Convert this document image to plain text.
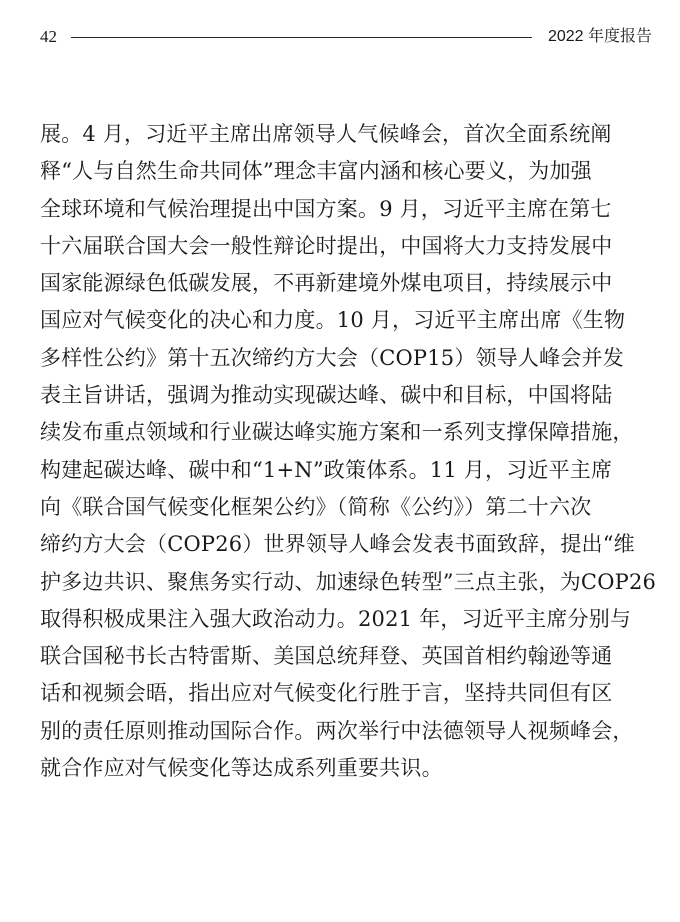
42	2022 年度报告
展。4 月，习近平主席出席领导人气候峰会，首次全面系统阐
释“人与自然生命共同体”理念丰富内涵和核心要义，为加强
全球环境和气候治理提出中国方案。9 月，习近平主席在第七
十六届联合国大会一般性辩论时提出，中国将大力支持发展中
国家能源绿色低碳发展，不再新建境外煤电项目，持续展示中
国应对气候变化的决心和力度。10 月，习近平主席出席《生物
多样性公约》第十五次缔约方大会（COP15）领导人峰会并发
表主旨讲话，强调为推动实现碳达峰、碳中和目标，中国将陆
续发布重点领域和行业碳达峰实施方案和一系列支撑保障措施，
构建起碳达峰、碳中和“1+N”政策体系。11 月，习近平主席
向《联合国气候变化框架公约》（简称《公约》）第二十六次
缔约方大会（COP26）世界领导人峰会发表书面致辞，提出“维
护多边共识、聚焦务实行动、加速绿色转型”三点主张，为COP26
取得积极成果注入强大政治动力。2021 年，习近平主席分别与
联合国秘书长古特雷斯、美国总统拜登、英国首相约翰逊等通
话和视频会晤，指出应对气候变化行胜于言，坚持共同但有区
别的责任原则推动国际合作。两次举行中法德领导人视频峰会，
就合作应对气候变化等达成系列重要共识。
